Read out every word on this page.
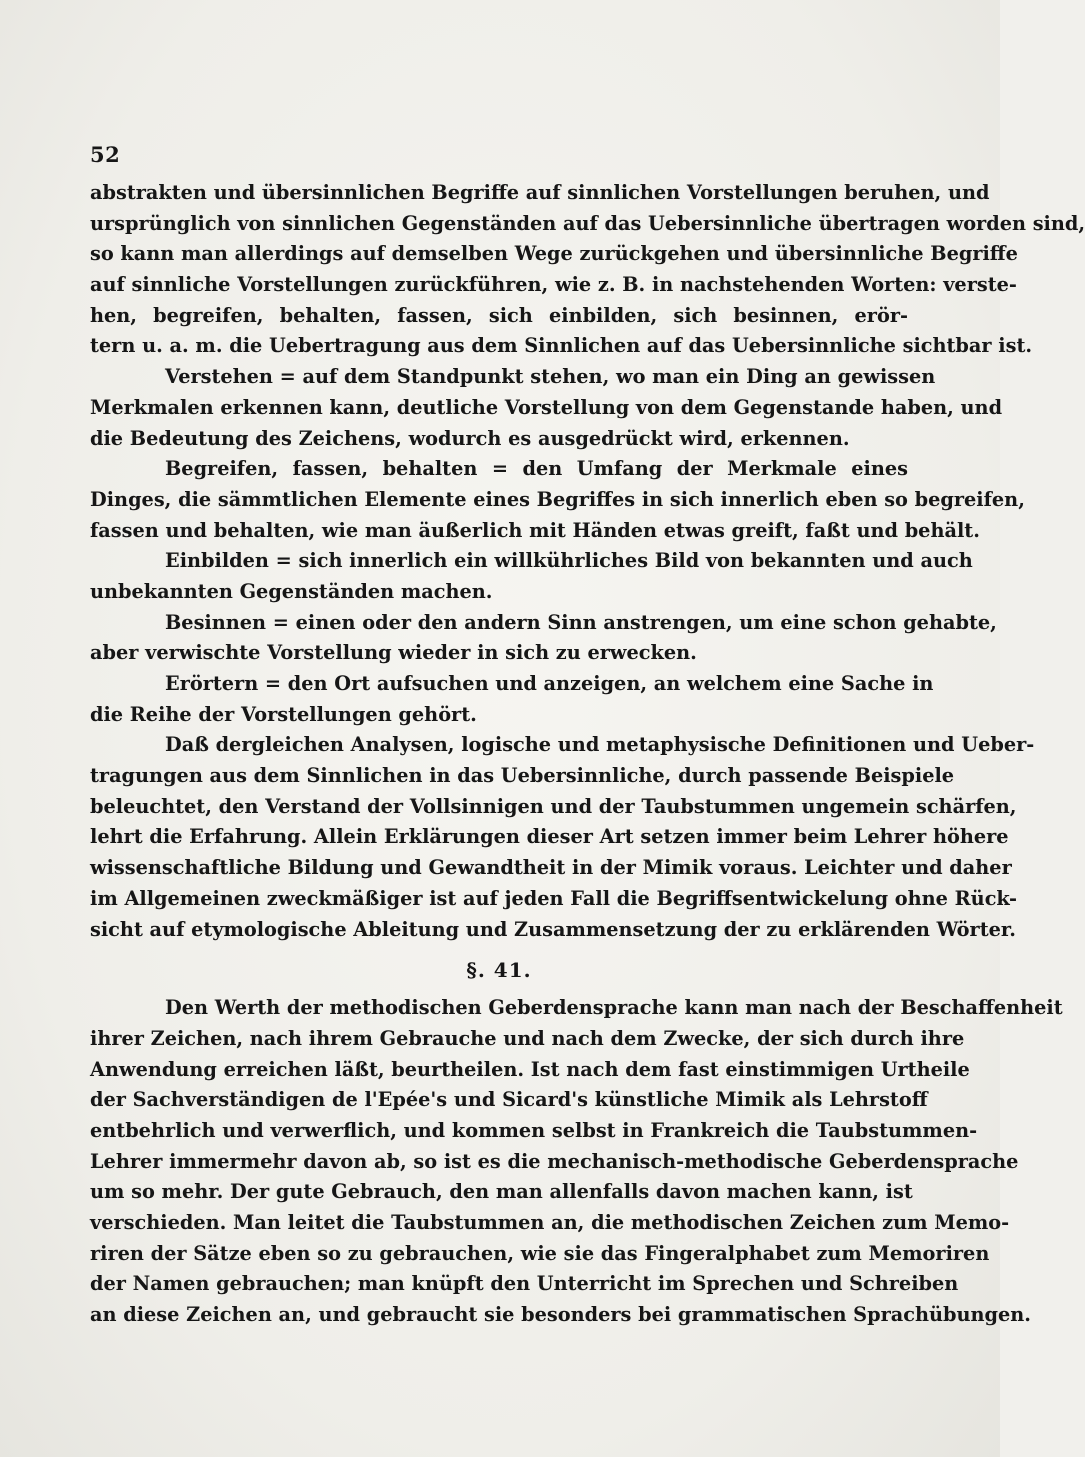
52
abstrakten und übersinnlichen Begriffe auf sinnlichen Vorstellungen beruhen, und
ursprünglich von sinnlichen Gegenständen auf das Uebersinnliche übertragen worden sind,
so kann man allerdings auf demselben Wege zurückgehen und übersinnliche Begriffe
auf sinnliche Vorstellungen zurückführen, wie z. B. in nachstehenden Worten: verste-
hen, begreifen, behalten, fassen, sich einbilden, sich besinnen, erör-
tern u. a. m. die Uebertragung aus dem Sinnlichen auf das Uebersinnliche sichtbar ist.
Verstehen = auf dem Standpunkt stehen, wo man ein Ding an gewissen
Merkmalen erkennen kann, deutliche Vorstellung von dem Gegenstande haben, und
die Bedeutung des Zeichens, wodurch es ausgedrückt wird, erkennen.
Begreifen, fassen, behalten = den Umfang der Merkmale eines
Dinges, die sämmtlichen Elemente eines Begriffes in sich innerlich eben so begreifen,
fassen und behalten, wie man äußerlich mit Händen etwas greift, faßt und behält.
Einbilden = sich innerlich ein willkührliches Bild von bekannten und auch
unbekannten Gegenständen machen.
Besinnen = einen oder den andern Sinn anstrengen, um eine schon gehabte,
aber verwischte Vorstellung wieder in sich zu erwecken.
Erörtern = den Ort aufsuchen und anzeigen, an welchem eine Sache in
die Reihe der Vorstellungen gehört.
Daß dergleichen Analysen, logische und metaphysische Definitionen und Ueber-
tragungen aus dem Sinnlichen in das Uebersinnliche, durch passende Beispiele
beleuchtet, den Verstand der Vollsinnigen und der Taubstummen ungemein schärfen,
lehrt die Erfahrung. Allein Erklärungen dieser Art setzen immer beim Lehrer höhere
wissenschaftliche Bildung und Gewandtheit in der Mimik voraus. Leichter und daher
im Allgemeinen zweckmäßiger ist auf jeden Fall die Begriffsentwickelung ohne Rück-
sicht auf etymologische Ableitung und Zusammensetzung der zu erklärenden Wörter.
§. 41.
Den Werth der methodischen Geberdensprache kann man nach der Beschaffenheit
ihrer Zeichen, nach ihrem Gebrauche und nach dem Zwecke, der sich durch ihre
Anwendung erreichen läßt, beurtheilen. Ist nach dem fast einstimmigen Urtheile
der Sachverständigen de l'Epée's und Sicard's künstliche Mimik als Lehrstoff
entbehrlich und verwerflich, und kommen selbst in Frankreich die Taubstummen-
Lehrer immermehr davon ab, so ist es die mechanisch-methodische Geberdensprache
um so mehr. Der gute Gebrauch, den man allenfalls davon machen kann, ist
verschieden. Man leitet die Taubstummen an, die methodischen Zeichen zum Memo-
riren der Sätze eben so zu gebrauchen, wie sie das Fingeralphabet zum Memoriren
der Namen gebrauchen; man knüpft den Unterricht im Sprechen und Schreiben
an diese Zeichen an, und gebraucht sie besonders bei grammatischen Sprachübungen.
